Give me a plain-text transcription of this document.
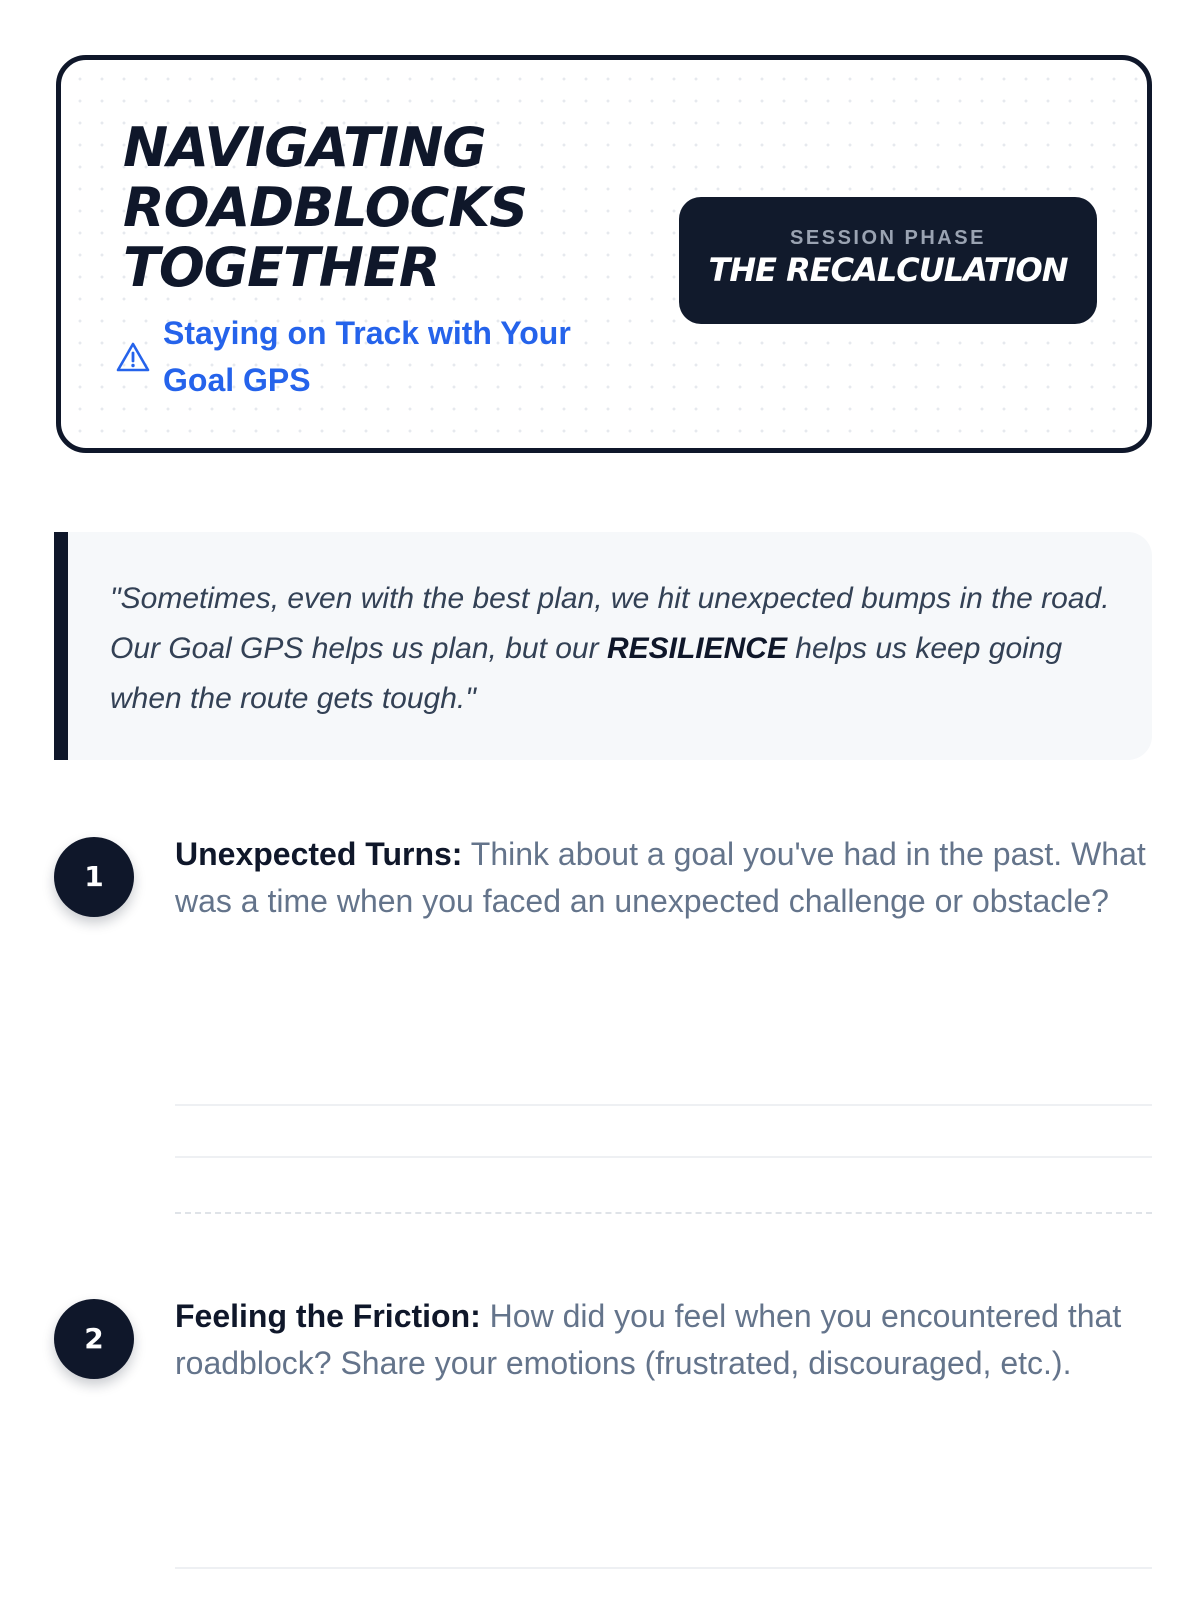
NAVIGATING
ROADBLOCKS
TOGETHER
Staying on Track with Your Goal GPS
SESSION PHASE
THE RECALCULATION

"Sometimes, even with the best plan, we hit unexpected bumps in the road. Our Goal GPS helps us plan, but our RESILIENCE helps us keep going when the route gets tough."

1

Unexpected Turns: Think about a goal you've had in the past. What was a time when you faced an unexpected challenge or obstacle?

2

Feeling the Friction: How did you feel when you encountered that roadblock? Share your emotions (frustrated, discouraged, etc.).
